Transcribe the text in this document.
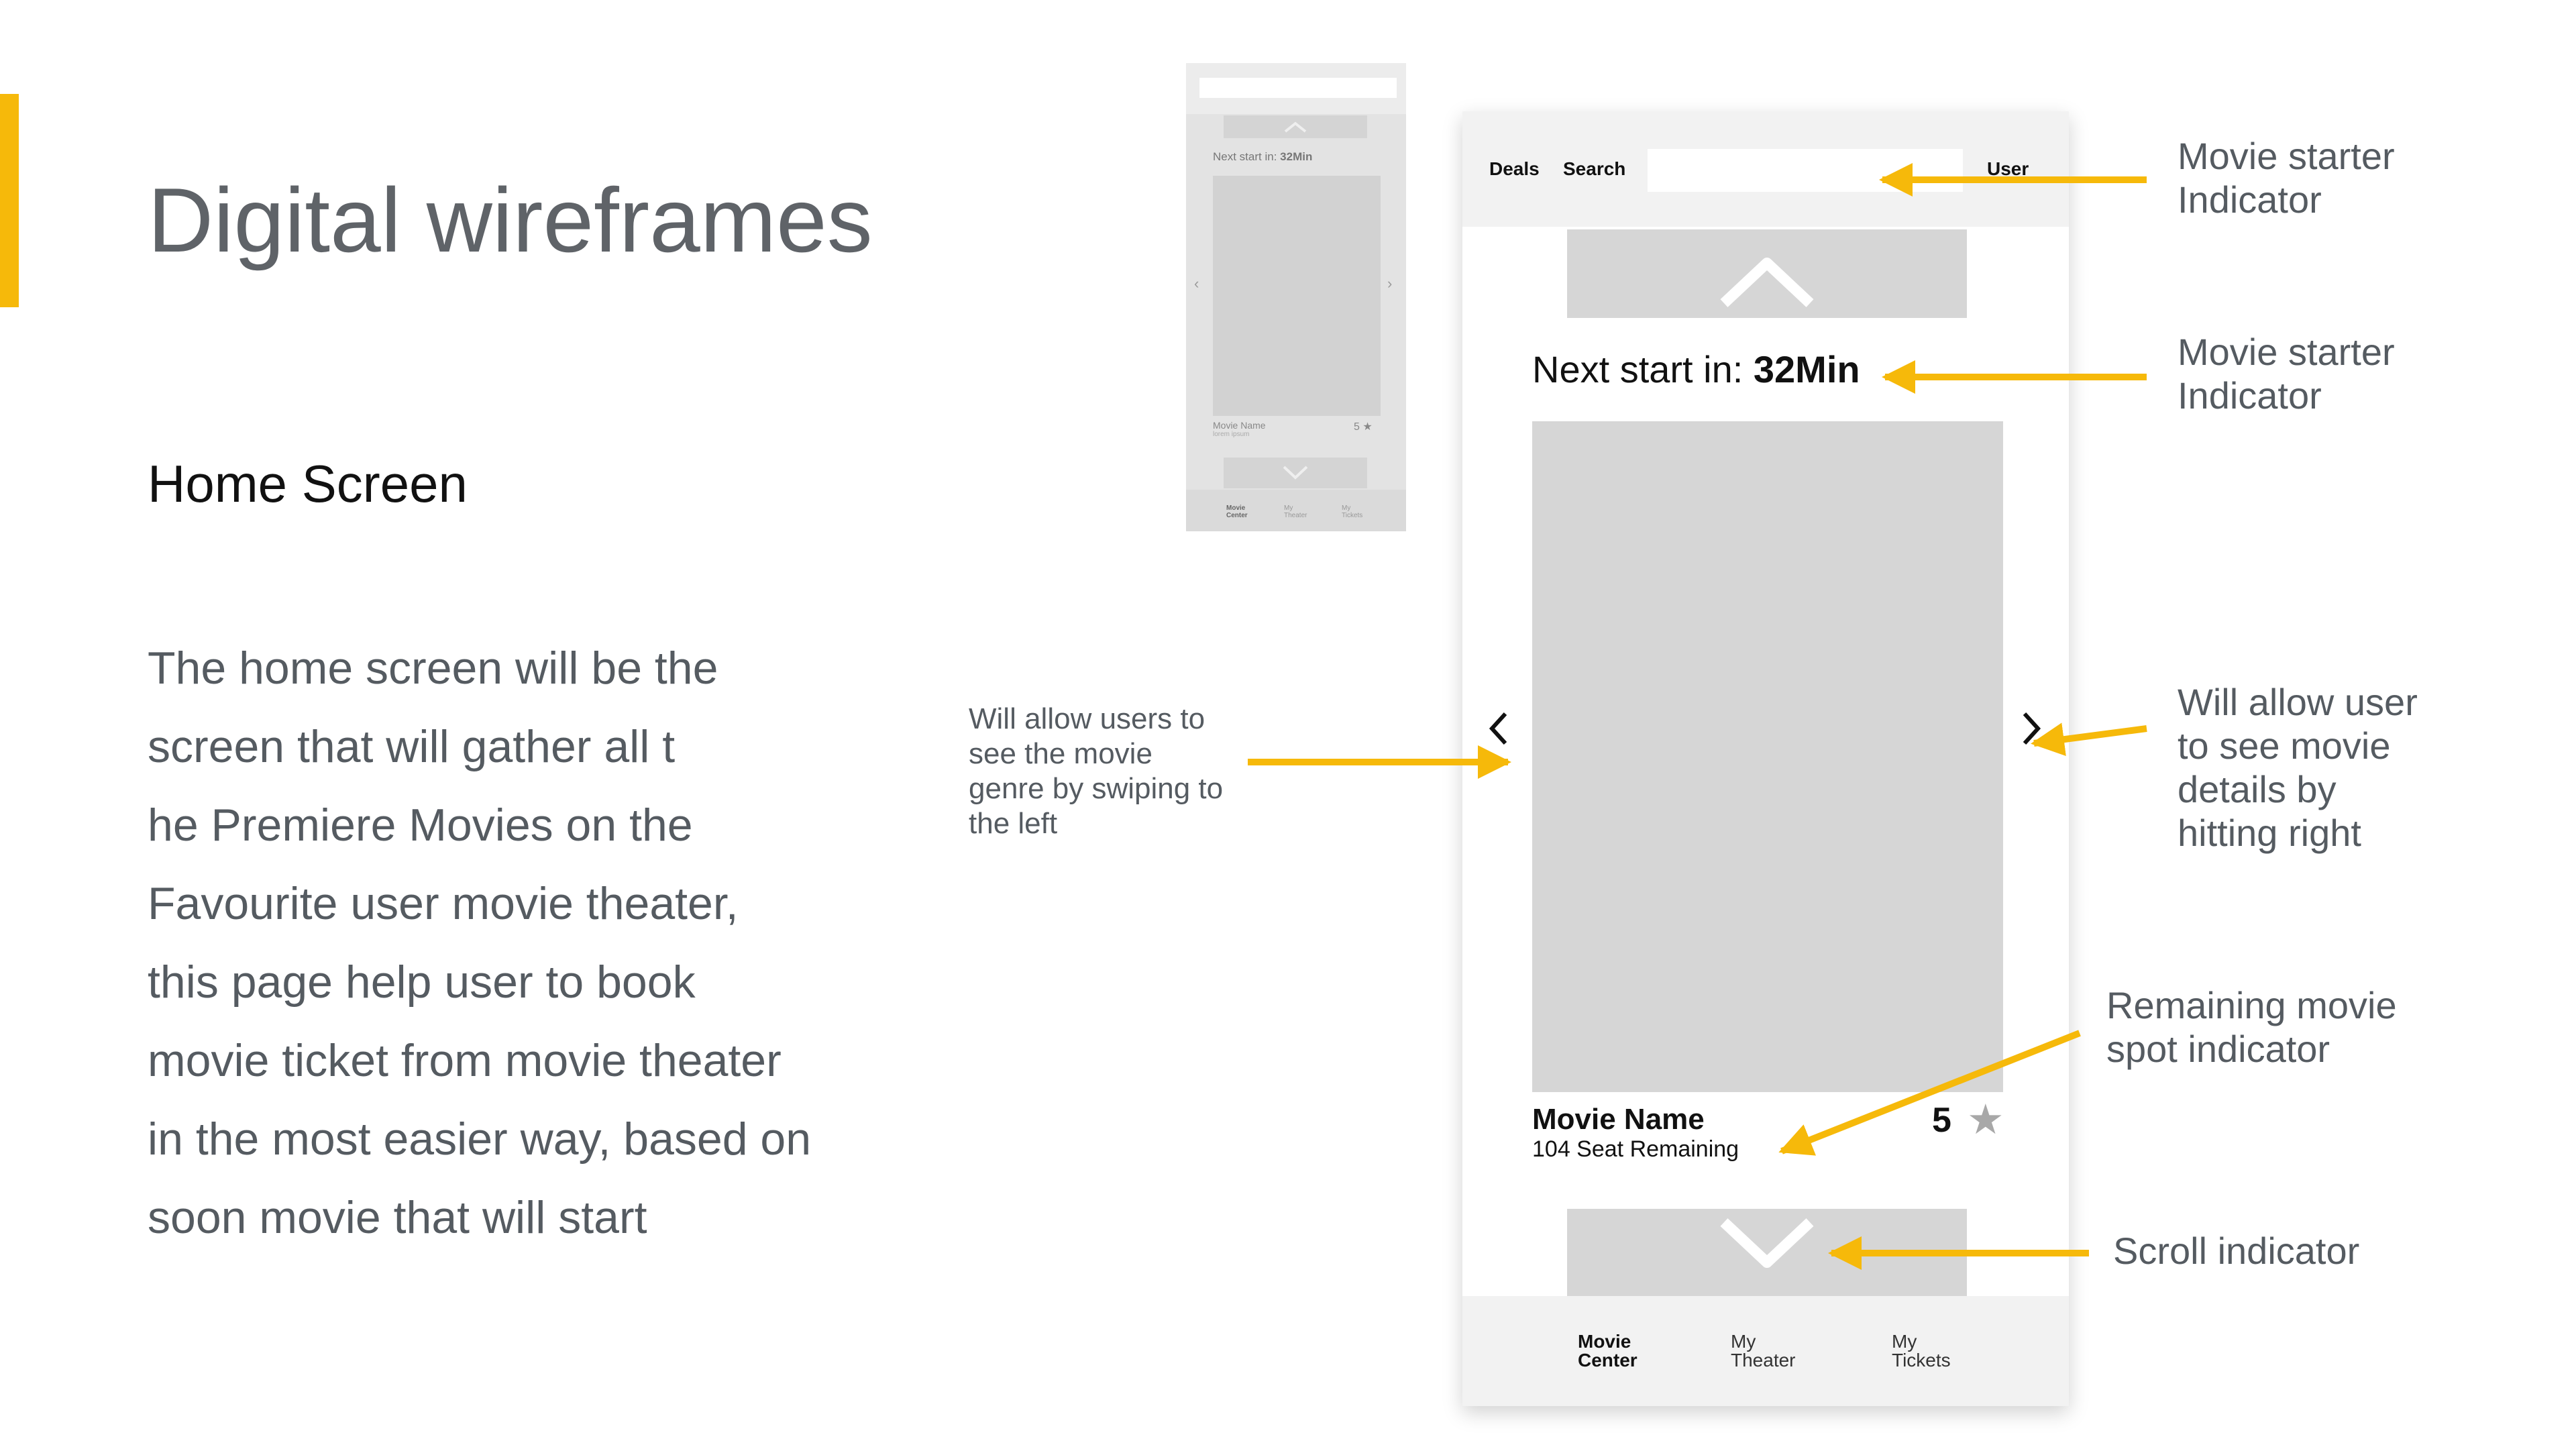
Digital wireframes
Home Screen
The home screen will be the
screen that will gather all t
he Premiere Movies on the
Favourite user movie theater,
this page help user to book
movie ticket from movie theater
in the most easier way, based on
soon movie that will start
Next start in: 32Min
‹	›
Movie Name
lorem ipsum
5 ★
Movie
Center
My
Theater
My
Tickets
Deals Search	User
Next start in: 32Min
Movie Name
104 Seat Remaining
5 ★
Movie
Center
My
Theater
My
Tickets
Movie starter
Indicator
Movie starter
Indicator
Will allow users to
see the movie
genre by swiping to
the left
Will allow user
to see movie
details by
hitting right
Remaining movie
spot indicator
Scroll indicator
